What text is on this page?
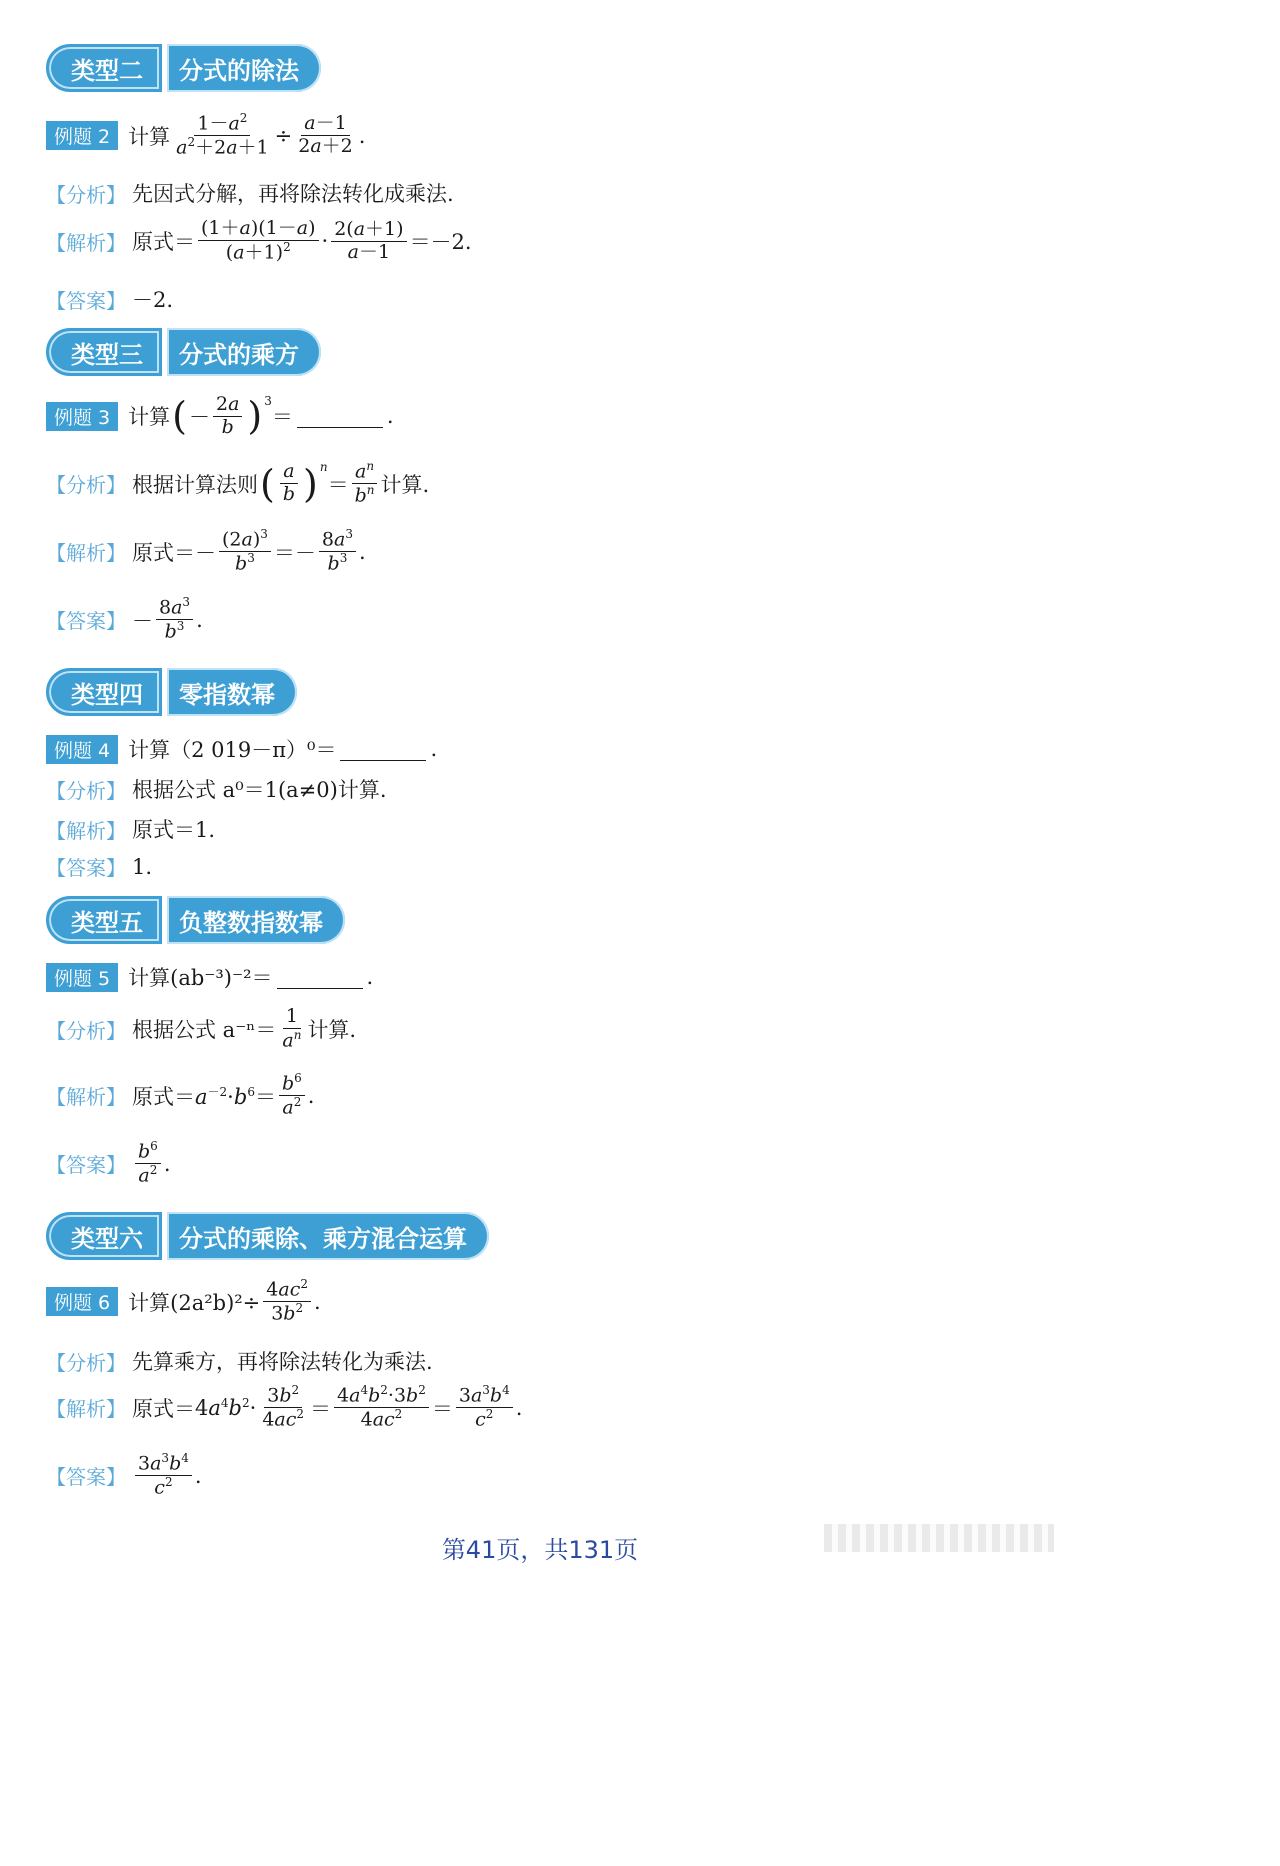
类型二	分式的除法
例题 2 计算 $\frac{1-a^2}{a^2+2a+1} \div \frac{a-1}{2a+2}$ .
【分析】 先因式分解，再将除法转化成乘法.
【解析】 原式＝ $\frac{(1+a)(1-a)}{(a+1)^2} \cdot \frac{2(a+1)}{a-1} =-2$.
【答案】 －2.
类型三	分式的乘方
例题 3 计算 ( － $\frac{2a}{b} )^3$
＝	.
【分析】 根据计算法则 ( $\frac{a}{b}$ ) $^n$
＝ $\frac{a^n}{b^n}$ 计算.
【解析】 原式＝ － $\frac{(2a)^3}{b^3} =- \frac{8a^3}{b^3}$ .
【答案】 － $\frac{8a^3}{b^3}$ .
类型四	零指数幂
例题 4 计算（2 019－π）⁰＝	.
【分析】 根据公式 a⁰＝1(a≠0)计算.
【解析】 原式＝1.
【答案】 1.
类型五	负整数指数幂
例题 5 计算(ab⁻³)⁻²＝	.
【分析】 根据公式 $a^{-n}= \frac{1}{a^n}$ 计算.
【解析】 原式＝ $a^{-2}\cdot b^6= \frac{b^6}{a^2}$ .
【答案】 $\frac{b^6}{a^2}$ .
类型六	分式的乘除、乘方混合运算
例题 6 计算$(2a^2b)^2\div \frac{4ac^2}{3b^2}$ .
【分析】 先算乘方，再将除法转化为乘法.
【解析】 原式＝ $4a^4b^2\cdot \frac{3b^2}{4ac^2} = \frac{4a^4b^2\cdot 3b^2}{4ac^2} = \frac{3a^3b^4}{c^2}$ .
【答案】 $\frac{3a^3b^4}{c^2}$ .
第41页，共131页
